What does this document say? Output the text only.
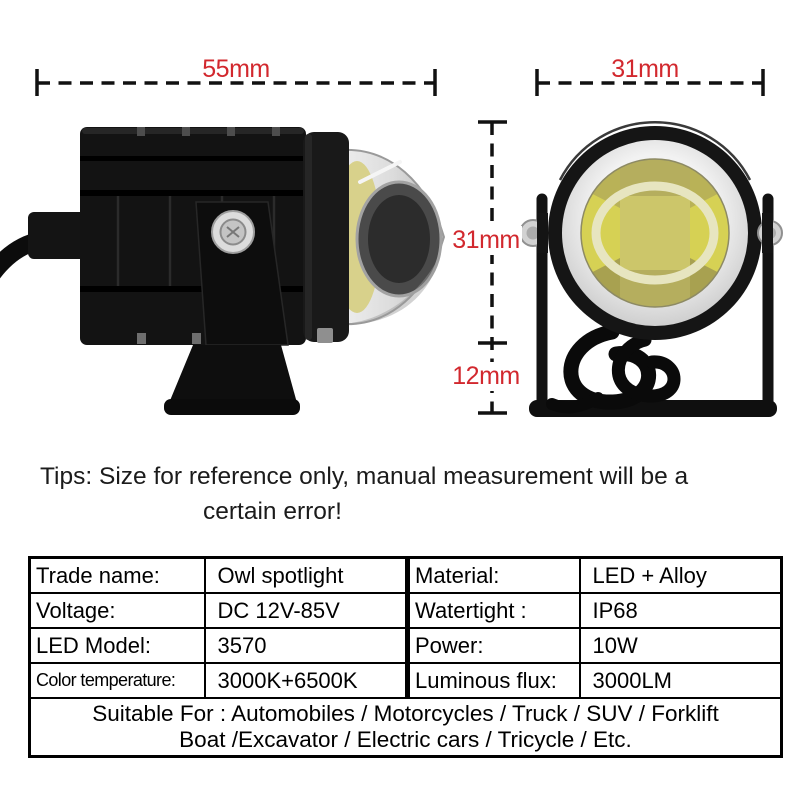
55mm	31mm
31mm
12mm
Tips: Size for reference only, manual measurement will be a
certain error!
Trade name:	Owl spotlight	Material:	LED + Alloy
Voltage:	DC 12V-85V	Watertight :	IP68
LED Model:	3570	Power:	10W
Color temperature:	3000K+6500K	Luminous flux:	3000LM

Suitable For : Automobiles / Motorcycles / Truck / SUV / Forklift
Boat /Excavator / Electric cars / Tricycle / Etc.			
